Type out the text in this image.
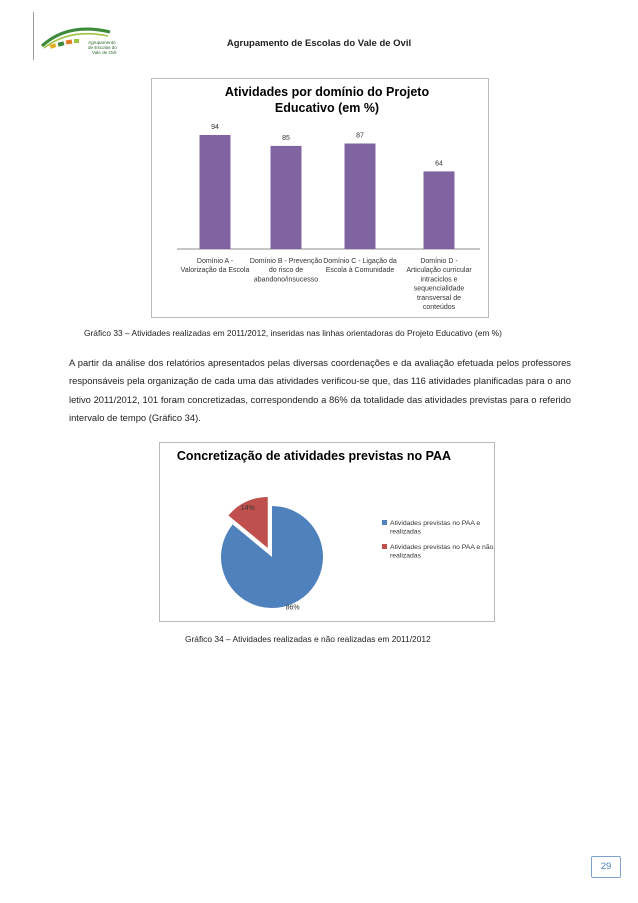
Agrupamento
de Escolas do
Vale de Ovil
Agrupamento de Escolas do Vale de Ovil
Atividades por domínio do Projeto
Educativo (em %)
94
Domínio A -
Valorização da Escola
85
Domínio B - Prevenção
do risco de
abandono/insucesso
87
Domínio C - Ligação da
Escola à Comunidade
64
Domínio D -
Articulação curricular
intraciclos e
sequencialidade
transversal de
conteúdos
Gráfico 33 – Atividades realizadas em 2011/2012, inseridas nas linhas orientadoras do Projeto Educativo (em %)
A partir da análise dos relatórios apresentados pelas diversas coordenações e da avaliação efetuada pelos professores responsáveis pela organização de cada uma das atividades verificou-se que, das 116 atividades planificadas para o ano letivo 2011/2012, 101 foram concretizadas, correspondendo a 86% da totalidade das atividades previstas para o referido intervalo de tempo (Gráfico 34).
Concretização de atividades previstas no PAA
86%
14%
Atividades previstas no PAA e
realizadas
Atividades previstas no PAA e não
realizadas
Gráfico 34 – Atividades realizadas e não realizadas em 2011/2012
29
